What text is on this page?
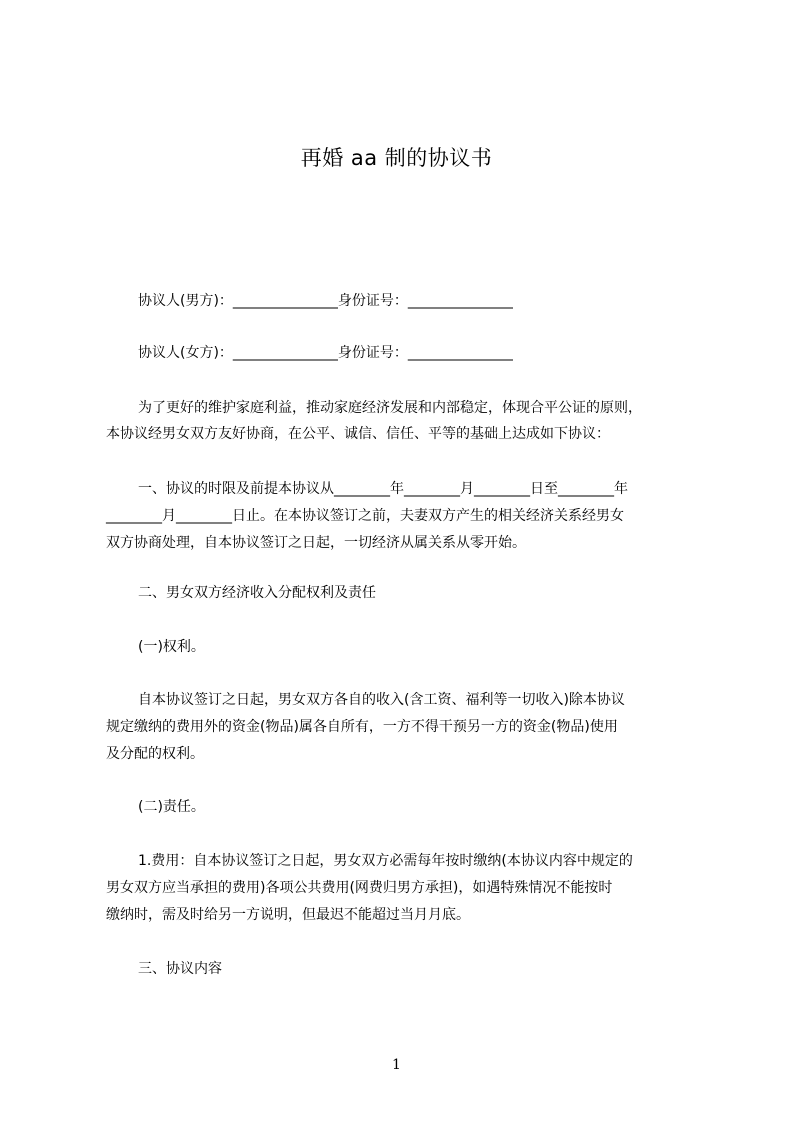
再婚 aa 制的协议书
协议人(男方)：_______________身份证号：_______________
协议人(女方)：_______________身份证号：_______________
为了更好的维护家庭利益，推动家庭经济发展和内部稳定，体现合平公证的原则，
本协议经男女双方友好协商，在公平、诚信、信任、平等的基础上达成如下协议：
一、协议的时限及前提本协议从________年________月________日至________年
________月________日止。在本协议签订之前，夫妻双方产生的相关经济关系经男女
双方协商处理，自本协议签订之日起，一切经济从属关系从零开始。
二、男女双方经济收入分配权利及责任
(一)权利。
自本协议签订之日起，男女双方各自的收入(含工资、福利等一切收入)除本协议
规定缴纳的费用外的资金(物品)属各自所有，一方不得干预另一方的资金(物品)使用
及分配的权利。
(二)责任。
1.费用：自本协议签订之日起，男女双方必需每年按时缴纳(本协议内容中规定的
男女双方应当承担的费用)各项公共费用(网费归男方承担)，如遇特殊情况不能按时
缴纳时，需及时给另一方说明，但最迟不能超过当月月底。
三、协议内容
1
